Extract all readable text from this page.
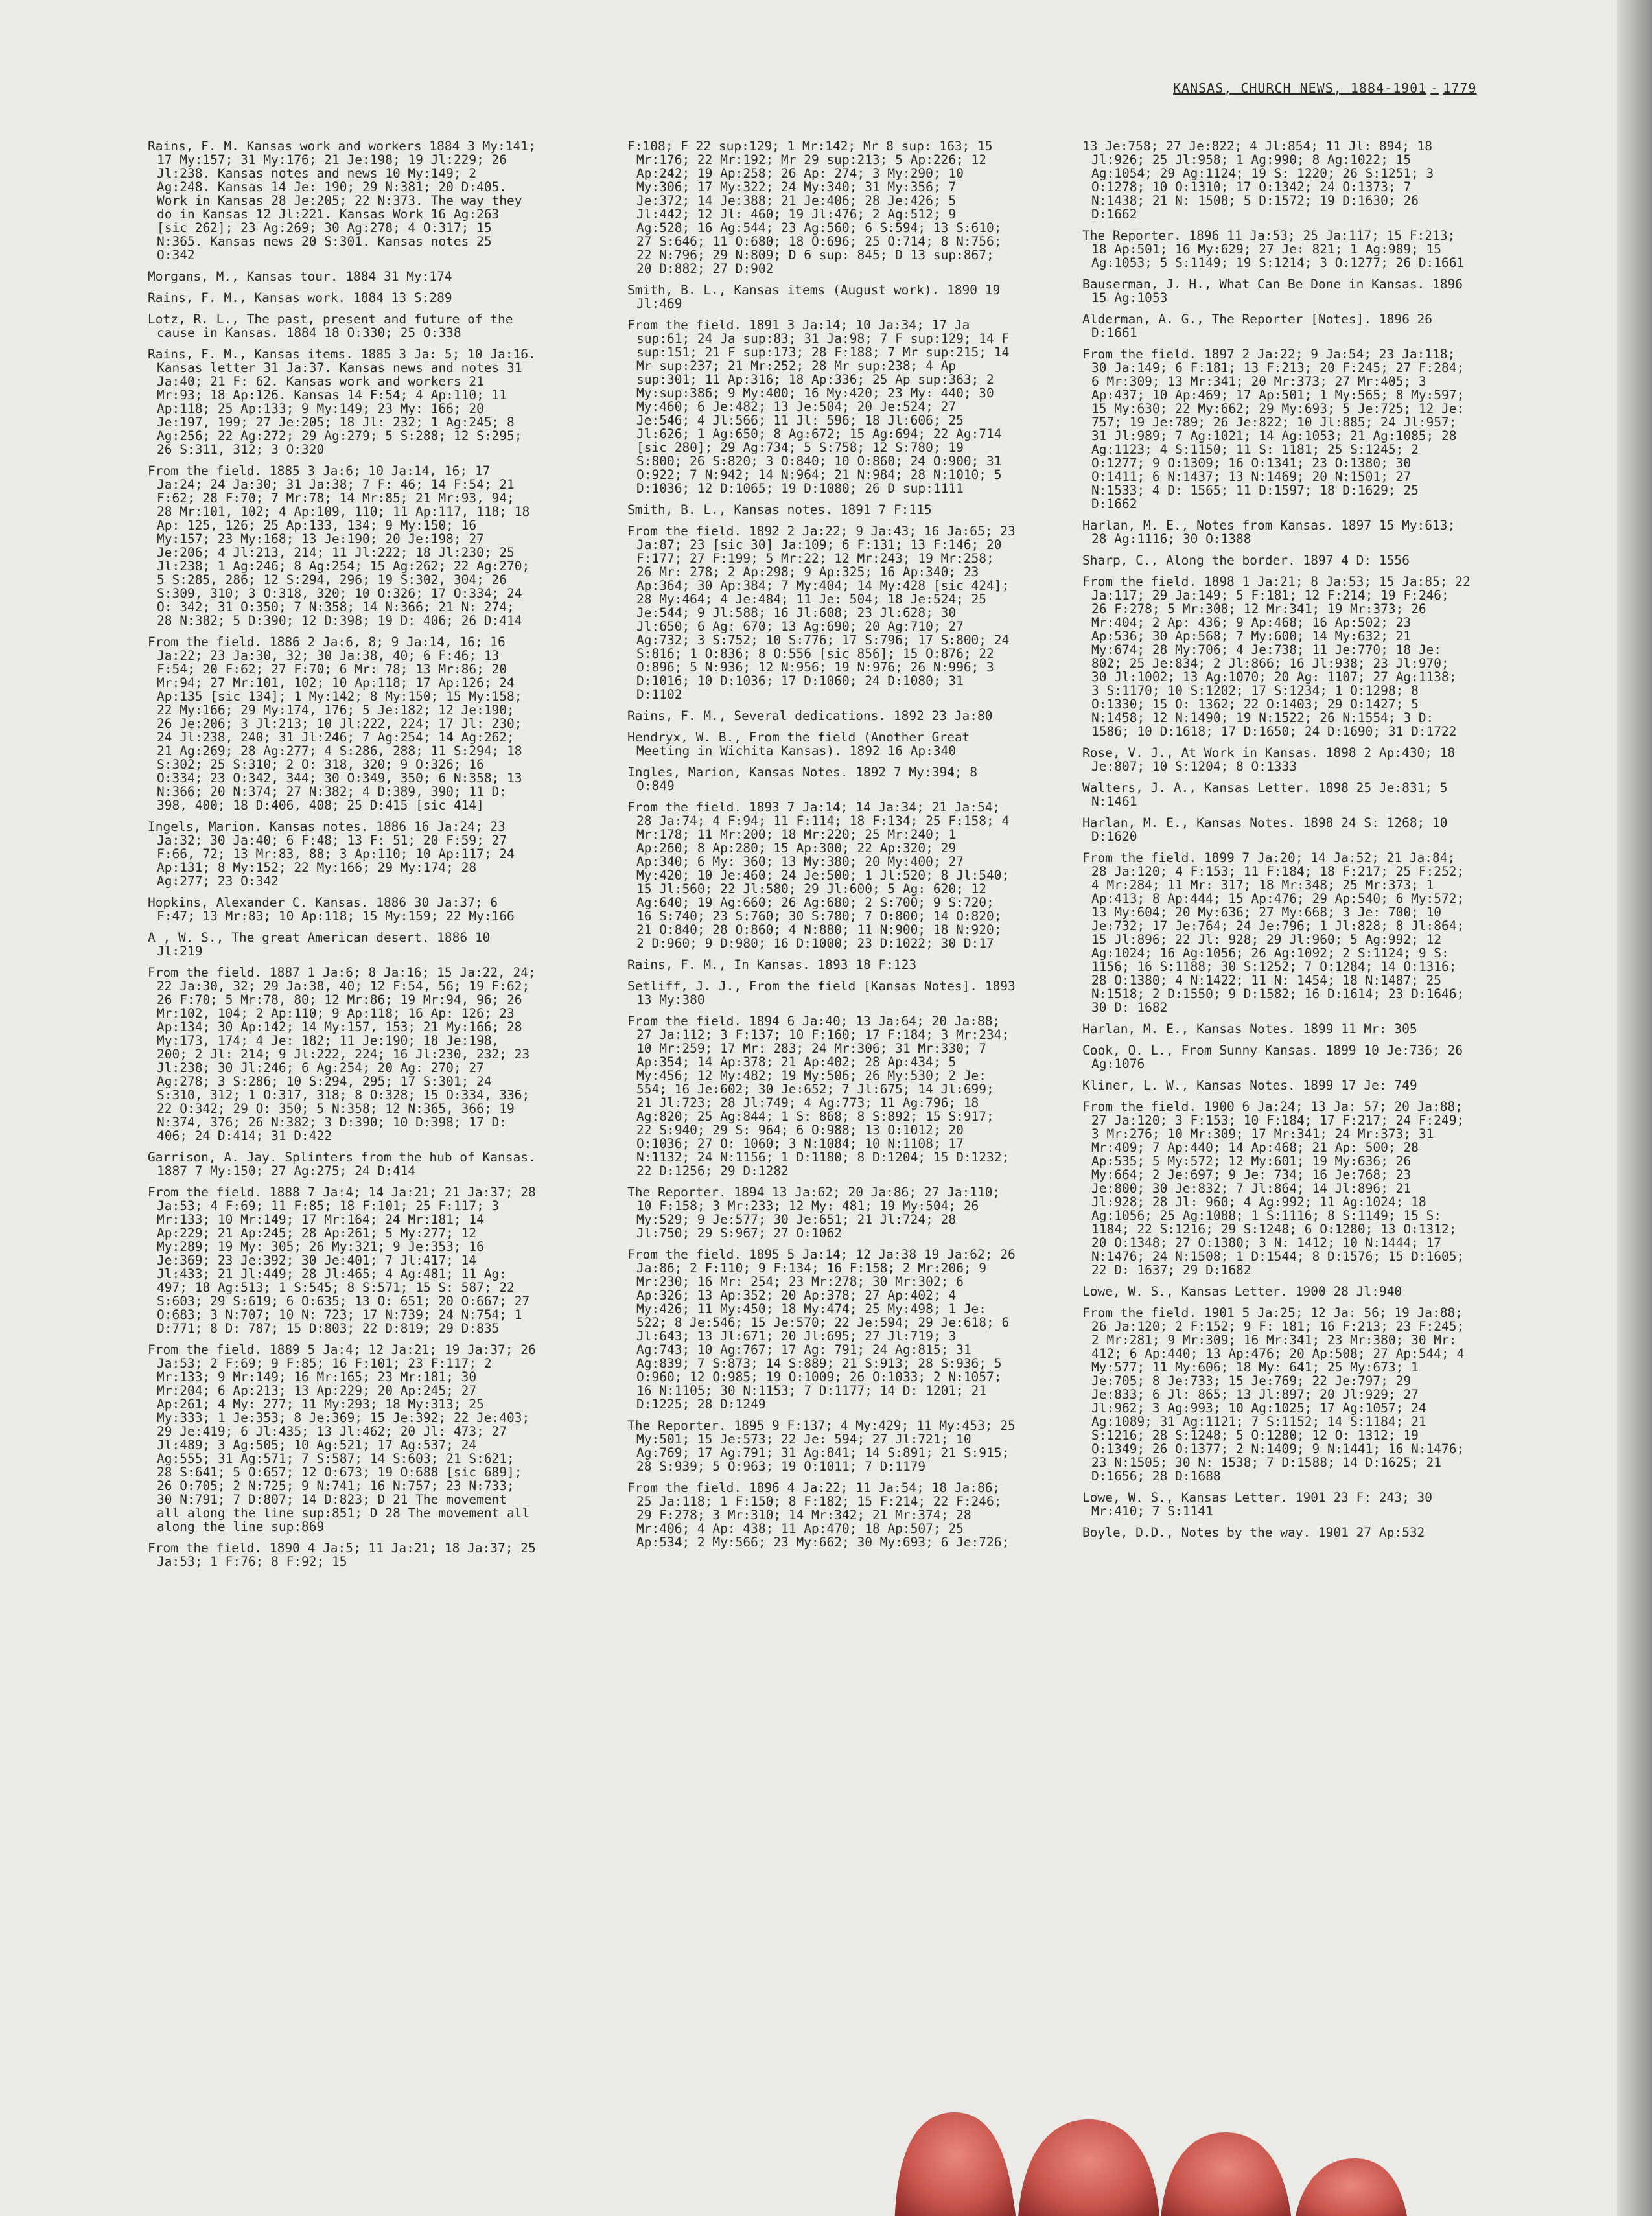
KANSAS, CHURCH NEWS, 1884-1901 - 1779

Rains, F. M. Kansas work and workers 1884 3 My:141; 17 My:157; 31 My:176; 21 Je:198; 19 Jl:229; 26 Jl:238. Kansas notes and news 10 My:149; 2 Ag:248. Kansas 14 Je: 190; 29 N:381; 20 D:405. Work in Kansas 28 Je:205; 22 N:373. The way they do in Kansas 12 Jl:221. Kansas Work 16 Ag:263 [sic 262]; 23 Ag:269; 30 Ag:278; 4 O:317; 15 N:365. Kansas news 20 S:301. Kansas notes 25 O:342

Morgans, M., Kansas tour. 1884 31 My:174

Rains, F. M., Kansas work. 1884 13 S:289

Lotz, R. L., The past, present and future of the cause in Kansas. 1884 18 O:330; 25 O:338

Rains, F. M., Kansas items. 1885 3 Ja: 5; 10 Ja:16. Kansas letter 31 Ja:37. Kansas news and notes 31 Ja:40; 21 F: 62. Kansas work and workers 21 Mr:93; 18 Ap:126. Kansas 14 F:54; 4 Ap:110; 11 Ap:118; 25 Ap:133; 9 My:149; 23 My: 166; 20 Je:197, 199; 27 Je:205; 18 Jl: 232; 1 Ag:245; 8 Ag:256; 22 Ag:272; 29 Ag:279; 5 S:288; 12 S:295; 26 S:311, 312; 3 O:320

From the field. 1885 3 Ja:6; 10 Ja:14, 16; 17 Ja:24; 24 Ja:30; 31 Ja:38; 7 F: 46; 14 F:54; 21 F:62; 28 F:70; 7 Mr:78; 14 Mr:85; 21 Mr:93, 94; 28 Mr:101, 102; 4 Ap:109, 110; 11 Ap:117, 118; 18 Ap: 125, 126; 25 Ap:133, 134; 9 My:150; 16 My:157; 23 My:168; 13 Je:190; 20 Je:198; 27 Je:206; 4 Jl:213, 214; 11 Jl:222; 18 Jl:230; 25 Jl:238; 1 Ag:246; 8 Ag:254; 15 Ag:262; 22 Ag:270; 5 S:285, 286; 12 S:294, 296; 19 S:302, 304; 26 S:309, 310; 3 O:318, 320; 10 O:326; 17 O:334; 24 O: 342; 31 O:350; 7 N:358; 14 N:366; 21 N: 274; 28 N:382; 5 D:390; 12 D:398; 19 D: 406; 26 D:414

From the field. 1886 2 Ja:6, 8; 9 Ja:14, 16; 16 Ja:22; 23 Ja:30, 32; 30 Ja:38, 40; 6 F:46; 13 F:54; 20 F:62; 27 F:70; 6 Mr: 78; 13 Mr:86; 20 Mr:94; 27 Mr:101, 102; 10 Ap:118; 17 Ap:126; 24 Ap:135 [sic 134]; 1 My:142; 8 My:150; 15 My:158; 22 My:166; 29 My:174, 176; 5 Je:182; 12 Je:190; 26 Je:206; 3 Jl:213; 10 Jl:222, 224; 17 Jl: 230; 24 Jl:238, 240; 31 Jl:246; 7 Ag:254; 14 Ag:262; 21 Ag:269; 28 Ag:277; 4 S:286, 288; 11 S:294; 18 S:302; 25 S:310; 2 O: 318, 320; 9 O:326; 16 O:334; 23 O:342, 344; 30 O:349, 350; 6 N:358; 13 N:366; 20 N:374; 27 N:382; 4 D:389, 390; 11 D: 398, 400; 18 D:406, 408; 25 D:415 [sic 414]

Ingels, Marion. Kansas notes. 1886 16 Ja:24; 23 Ja:32; 30 Ja:40; 6 F:48; 13 F: 51; 20 F:59; 27 F:66, 72; 13 Mr:83, 88; 3 Ap:110; 10 Ap:117; 24 Ap:131; 8 My:152; 22 My:166; 29 My:174; 28 Ag:277; 23 O:342

Hopkins, Alexander C. Kansas. 1886 30 Ja:37; 6 F:47; 13 Mr:83; 10 Ap:118; 15 My:159; 22 My:166

A , W. S., The great American desert. 1886 10 Jl:219

From the field. 1887 1 Ja:6; 8 Ja:16; 15 Ja:22, 24; 22 Ja:30, 32; 29 Ja:38, 40; 12 F:54, 56; 19 F:62; 26 F:70; 5 Mr:78, 80; 12 Mr:86; 19 Mr:94, 96; 26 Mr:102, 104; 2 Ap:110; 9 Ap:118; 16 Ap: 126; 23 Ap:134; 30 Ap:142; 14 My:157, 153; 21 My:166; 28 My:173, 174; 4 Je: 182; 11 Je:190; 18 Je:198, 200; 2 Jl: 214; 9 Jl:222, 224; 16 Jl:230, 232; 23 Jl:238; 30 Jl:246; 6 Ag:254; 20 Ag: 270; 27 Ag:278; 3 S:286; 10 S:294, 295; 17 S:301; 24 S:310, 312; 1 O:317, 318; 8 O:328; 15 O:334, 336; 22 O:342; 29 O: 350; 5 N:358; 12 N:365, 366; 19 N:374, 376; 26 N:382; 3 D:390; 10 D:398; 17 D: 406; 24 D:414; 31 D:422

Garrison, A. Jay. Splinters from the hub of Kansas. 1887 7 My:150; 27 Ag:275; 24 D:414

From the field. 1888 7 Ja:4; 14 Ja:21; 21 Ja:37; 28 Ja:53; 4 F:69; 11 F:85; 18 F:101; 25 F:117; 3 Mr:133; 10 Mr:149; 17 Mr:164; 24 Mr:181; 14 Ap:229; 21 Ap:245; 28 Ap:261; 5 My:277; 12 My:289; 19 My: 305; 26 My:321; 9 Je:353; 16 Je:369; 23 Je:392; 30 Je:401; 7 Jl:417; 14 Jl:433; 21 Jl:449; 28 Jl:465; 4 Ag:481; 11 Ag: 497; 18 Ag:513; 1 S:545; 8 S:571; 15 S: 587; 22 S:603; 29 S:619; 6 O:635; 13 O: 651; 20 O:667; 27 O:683; 3 N:707; 10 N: 723; 17 N:739; 24 N:754; 1 D:771; 8 D: 787; 15 D:803; 22 D:819; 29 D:835

From the field. 1889 5 Ja:4; 12 Ja:21; 19 Ja:37; 26 Ja:53; 2 F:69; 9 F:85; 16 F:101; 23 F:117; 2 Mr:133; 9 Mr:149; 16 Mr:165; 23 Mr:181; 30 Mr:204; 6 Ap:213; 13 Ap:229; 20 Ap:245; 27 Ap:261; 4 My: 277; 11 My:293; 18 My:313; 25 My:333; 1 Je:353; 8 Je:369; 15 Je:392; 22 Je:403; 29 Je:419; 6 Jl:435; 13 Jl:462; 20 Jl: 473; 27 Jl:489; 3 Ag:505; 10 Ag:521; 17 Ag:537; 24 Ag:555; 31 Ag:571; 7 S:587; 14 S:603; 21 S:621; 28 S:641; 5 O:657; 12 O:673; 19 O:688 [sic 689]; 26 O:705; 2 N:725; 9 N:741; 16 N:757; 23 N:733; 30 N:791; 7 D:807; 14 D:823; D 21 The movement all along the line sup:851; D 28 The movement all along the line sup:869

From the field. 1890 4 Ja:5; 11 Ja:21; 18 Ja:37; 25 Ja:53; 1 F:76; 8 F:92; 15

F:108; F 22 sup:129; 1 Mr:142; Mr 8 sup: 163; 15 Mr:176; 22 Mr:192; Mr 29 sup:213; 5 Ap:226; 12 Ap:242; 19 Ap:258; 26 Ap: 274; 3 My:290; 10 My:306; 17 My:322; 24 My:340; 31 My:356; 7 Je:372; 14 Je:388; 21 Je:406; 28 Je:426; 5 Jl:442; 12 Jl: 460; 19 Jl:476; 2 Ag:512; 9 Ag:528; 16 Ag:544; 23 Ag:560; 6 S:594; 13 S:610; 27 S:646; 11 O:680; 18 O:696; 25 O:714; 8 N:756; 22 N:796; 29 N:809; D 6 sup: 845; D 13 sup:867; 20 D:882; 27 D:902

Smith, B. L., Kansas items (August work). 1890 19 Jl:469

From the field. 1891 3 Ja:14; 10 Ja:34; 17 Ja sup:61; 24 Ja sup:83; 31 Ja:98; 7 F sup:129; 14 F sup:151; 21 F sup:173; 28 F:188; 7 Mr sup:215; 14 Mr sup:237; 21 Mr:252; 28 Mr sup:238; 4 Ap sup:301; 11 Ap:316; 18 Ap:336; 25 Ap sup:363; 2 My:sup:386; 9 My:400; 16 My:420; 23 My: 440; 30 My:460; 6 Je:482; 13 Je:504; 20 Je:524; 27 Je:546; 4 Jl:566; 11 Jl: 596; 18 Jl:606; 25 Jl:626; 1 Ag:650; 8 Ag:672; 15 Ag:694; 22 Ag:714 [sic 280]; 29 Ag:734; 5 S:758; 12 S:780; 19 S:800; 26 S:820; 3 O:840; 10 O:860; 24 O:900; 31 O:922; 7 N:942; 14 N:964; 21 N:984; 28 N:1010; 5 D:1036; 12 D:1065; 19 D:1080; 26 D sup:1111

Smith, B. L., Kansas notes. 1891 7 F:115

From the field. 1892 2 Ja:22; 9 Ja:43; 16 Ja:65; 23 Ja:87; 23 [sic 30] Ja:109; 6 F:131; 13 F:146; 20 F:177; 27 F:199; 5 Mr:22; 12 Mr:243; 19 Mr:258; 26 Mr: 278; 2 Ap:298; 9 Ap:325; 16 Ap:340; 23 Ap:364; 30 Ap:384; 7 My:404; 14 My:428 [sic 424]; 28 My:464; 4 Je:484; 11 Je: 504; 18 Je:524; 25 Je:544; 9 Jl:588; 16 Jl:608; 23 Jl:628; 30 Jl:650; 6 Ag: 670; 13 Ag:690; 20 Ag:710; 27 Ag:732; 3 S:752; 10 S:776; 17 S:796; 17 S:800; 24 S:816; 1 O:836; 8 O:556 [sic 856]; 15 O:876; 22 O:896; 5 N:936; 12 N:956; 19 N:976; 26 N:996; 3 D:1016; 10 D:1036; 17 D:1060; 24 D:1080; 31 D:1102

Rains, F. M., Several dedications. 1892 23 Ja:80

Hendryx, W. B., From the field (Another Great Meeting in Wichita Kansas). 1892 16 Ap:340

Ingles, Marion, Kansas Notes. 1892 7 My:394; 8 O:849

From the field. 1893 7 Ja:14; 14 Ja:34; 21 Ja:54; 28 Ja:74; 4 F:94; 11 F:114; 18 F:134; 25 F:158; 4 Mr:178; 11 Mr:200; 18 Mr:220; 25 Mr:240; 1 Ap:260; 8 Ap:280; 15 Ap:300; 22 Ap:320; 29 Ap:340; 6 My: 360; 13 My:380; 20 My:400; 27 My:420; 10 Je:460; 24 Je:500; 1 Jl:520; 8 Jl:540; 15 Jl:560; 22 Jl:580; 29 Jl:600; 5 Ag: 620; 12 Ag:640; 19 Ag:660; 26 Ag:680; 2 S:700; 9 S:720; 16 S:740; 23 S:760; 30 S:780; 7 O:800; 14 O:820; 21 O:840; 28 O:860; 4 N:880; 11 N:900; 18 N:920; 2 D:960; 9 D:980; 16 D:1000; 23 D:1022; 30 D:17

Rains, F. M., In Kansas. 1893 18 F:123

Setliff, J. J., From the field [Kansas Notes]. 1893 13 My:380

From the field. 1894 6 Ja:40; 13 Ja:64; 20 Ja:88; 27 Ja:112; 3 F:137; 10 F:160; 17 F:184; 3 Mr:234; 10 Mr:259; 17 Mr: 283; 24 Mr:306; 31 Mr:330; 7 Ap:354; 14 Ap:378; 21 Ap:402; 28 Ap:434; 5 My:456; 12 My:482; 19 My:506; 26 My:530; 2 Je: 554; 16 Je:602; 30 Je:652; 7 Jl:675; 14 Jl:699; 21 Jl:723; 28 Jl:749; 4 Ag:773; 11 Ag:796; 18 Ag:820; 25 Ag:844; 1 S: 868; 8 S:892; 15 S:917; 22 S:940; 29 S: 964; 6 O:988; 13 O:1012; 20 O:1036; 27 O: 1060; 3 N:1084; 10 N:1108; 17 N:1132; 24 N:1156; 1 D:1180; 8 D:1204; 15 D:1232; 22 D:1256; 29 D:1282

The Reporter. 1894 13 Ja:62; 20 Ja:86; 27 Ja:110; 10 F:158; 3 Mr:233; 12 My: 481; 19 My:504; 26 My:529; 9 Je:577; 30 Je:651; 21 Jl:724; 28 Jl:750; 29 S:967; 27 O:1062

From the field. 1895 5 Ja:14; 12 Ja:38 19 Ja:62; 26 Ja:86; 2 F:110; 9 F:134; 16 F:158; 2 Mr:206; 9 Mr:230; 16 Mr: 254; 23 Mr:278; 30 Mr:302; 6 Ap:326; 13 Ap:352; 20 Ap:378; 27 Ap:402; 4 My:426; 11 My:450; 18 My:474; 25 My:498; 1 Je: 522; 8 Je:546; 15 Je:570; 22 Je:594; 29 Je:618; 6 Jl:643; 13 Jl:671; 20 Jl:695; 27 Jl:719; 3 Ag:743; 10 Ag:767; 17 Ag: 791; 24 Ag:815; 31 Ag:839; 7 S:873; 14 S:889; 21 S:913; 28 S:936; 5 O:960; 12 O:985; 19 O:1009; 26 O:1033; 2 N:1057; 16 N:1105; 30 N:1153; 7 D:1177; 14 D: 1201; 21 D:1225; 28 D:1249

The Reporter. 1895 9 F:137; 4 My:429; 11 My:453; 25 My:501; 15 Je:573; 22 Je: 594; 27 Jl:721; 10 Ag:769; 17 Ag:791; 31 Ag:841; 14 S:891; 21 S:915; 28 S:939; 5 O:963; 19 O:1011; 7 D:1179

From the field. 1896 4 Ja:22; 11 Ja:54; 18 Ja:86; 25 Ja:118; 1 F:150; 8 F:182; 15 F:214; 22 F:246; 29 F:278; 3 Mr:310; 14 Mr:342; 21 Mr:374; 28 Mr:406; 4 Ap: 438; 11 Ap:470; 18 Ap:507; 25 Ap:534; 2 My:566; 23 My:662; 30 My:693; 6 Je:726;

13 Je:758; 27 Je:822; 4 Jl:854; 11 Jl: 894; 18 Jl:926; 25 Jl:958; 1 Ag:990; 8 Ag:1022; 15 Ag:1054; 29 Ag:1124; 19 S: 1220; 26 S:1251; 3 O:1278; 10 O:1310; 17 O:1342; 24 O:1373; 7 N:1438; 21 N: 1508; 5 D:1572; 19 D:1630; 26 D:1662

The Reporter. 1896 11 Ja:53; 25 Ja:117; 15 F:213; 18 Ap:501; 16 My:629; 27 Je: 821; 1 Ag:989; 15 Ag:1053; 5 S:1149; 19 S:1214; 3 O:1277; 26 D:1661

Bauserman, J. H., What Can Be Done in Kansas. 1896 15 Ag:1053

Alderman, A. G., The Reporter [Notes]. 1896 26 D:1661

From the field. 1897 2 Ja:22; 9 Ja:54; 23 Ja:118; 30 Ja:149; 6 F:181; 13 F:213; 20 F:245; 27 F:284; 6 Mr:309; 13 Mr:341; 20 Mr:373; 27 Mr:405; 3 Ap:437; 10 Ap:469; 17 Ap:501; 1 My:565; 8 My:597; 15 My:630; 22 My:662; 29 My:693; 5 Je:725; 12 Je: 757; 19 Je:789; 26 Je:822; 10 Jl:885; 24 Jl:957; 31 Jl:989; 7 Ag:1021; 14 Ag:1053; 21 Ag:1085; 28 Ag:1123; 4 S:1150; 11 S: 1181; 25 S:1245; 2 O:1277; 9 O:1309; 16 O:1341; 23 O:1380; 30 O:1411; 6 N:1437; 13 N:1469; 20 N:1501; 27 N:1533; 4 D: 1565; 11 D:1597; 18 D:1629; 25 D:1662

Harlan, M. E., Notes from Kansas. 1897 15 My:613; 28 Ag:1116; 30 O:1388

Sharp, C., Along the border. 1897 4 D: 1556

From the field. 1898 1 Ja:21; 8 Ja:53; 15 Ja:85; 22 Ja:117; 29 Ja:149; 5 F:181; 12 F:214; 19 F:246; 26 F:278; 5 Mr:308; 12 Mr:341; 19 Mr:373; 26 Mr:404; 2 Ap: 436; 9 Ap:468; 16 Ap:502; 23 Ap:536; 30 Ap:568; 7 My:600; 14 My:632; 21 My:674; 28 My:706; 4 Je:738; 11 Je:770; 18 Je: 802; 25 Je:834; 2 Jl:866; 16 Jl:938; 23 Jl:970; 30 Jl:1002; 13 Ag:1070; 20 Ag: 1107; 27 Ag:1138; 3 S:1170; 10 S:1202; 17 S:1234; 1 O:1298; 8 O:1330; 15 O: 1362; 22 O:1403; 29 O:1427; 5 N:1458; 12 N:1490; 19 N:1522; 26 N:1554; 3 D: 1586; 10 D:1618; 17 D:1650; 24 D:1690; 31 D:1722

Rose, V. J., At Work in Kansas. 1898 2 Ap:430; 18 Je:807; 10 S:1204; 8 O:1333

Walters, J. A., Kansas Letter. 1898 25 Je:831; 5 N:1461

Harlan, M. E., Kansas Notes. 1898 24 S: 1268; 10 D:1620

From the field. 1899 7 Ja:20; 14 Ja:52; 21 Ja:84; 28 Ja:120; 4 F:153; 11 F:184; 18 F:217; 25 F:252; 4 Mr:284; 11 Mr: 317; 18 Mr:348; 25 Mr:373; 1 Ap:413; 8 Ap:444; 15 Ap:476; 29 Ap:540; 6 My:572; 13 My:604; 20 My:636; 27 My:668; 3 Je: 700; 10 Je:732; 17 Je:764; 24 Je:796; 1 Jl:828; 8 Jl:864; 15 Jl:896; 22 Jl: 928; 29 Jl:960; 5 Ag:992; 12 Ag:1024; 16 Ag:1056; 26 Ag:1092; 2 S:1124; 9 S: 1156; 16 S:1188; 30 S:1252; 7 O:1284; 14 O:1316; 28 O:1380; 4 N:1422; 11 N: 1454; 18 N:1487; 25 N:1518; 2 D:1550; 9 D:1582; 16 D:1614; 23 D:1646; 30 D: 1682

Harlan, M. E., Kansas Notes. 1899 11 Mr: 305

Cook, O. L., From Sunny Kansas. 1899 10 Je:736; 26 Ag:1076

Kliner, L. W., Kansas Notes. 1899 17 Je: 749

From the field. 1900 6 Ja:24; 13 Ja: 57; 20 Ja:88; 27 Ja:120; 3 F:153; 10 F:184; 17 F:217; 24 F:249; 3 Mr:276; 10 Mr:309; 17 Mr:341; 24 Mr:373; 31 Mr:409; 7 Ap:440; 14 Ap:468; 21 Ap: 500; 28 Ap:535; 5 My:572; 12 My:601; 19 My:636; 26 My:664; 2 Je:697; 9 Je: 734; 16 Je:768; 23 Je:800; 30 Je:832; 7 Jl:864; 14 Jl:896; 21 Jl:928; 28 Jl: 960; 4 Ag:992; 11 Ag:1024; 18 Ag:1056; 25 Ag:1088; 1 S:1116; 8 S:1149; 15 S: 1184; 22 S:1216; 29 S:1248; 6 O:1280; 13 O:1312; 20 O:1348; 27 O:1380; 3 N: 1412; 10 N:1444; 17 N:1476; 24 N:1508; 1 D:1544; 8 D:1576; 15 D:1605; 22 D: 1637; 29 D:1682

Lowe, W. S., Kansas Letter. 1900 28 Jl:940

From the field. 1901 5 Ja:25; 12 Ja: 56; 19 Ja:88; 26 Ja:120; 2 F:152; 9 F: 181; 16 F:213; 23 F:245; 2 Mr:281; 9 Mr:309; 16 Mr:341; 23 Mr:380; 30 Mr: 412; 6 Ap:440; 13 Ap:476; 20 Ap:508; 27 Ap:544; 4 My:577; 11 My:606; 18 My: 641; 25 My:673; 1 Je:705; 8 Je:733; 15 Je:769; 22 Je:797; 29 Je:833; 6 Jl: 865; 13 Jl:897; 20 Jl:929; 27 Jl:962; 3 Ag:993; 10 Ag:1025; 17 Ag:1057; 24 Ag:1089; 31 Ag:1121; 7 S:1152; 14 S:1184; 21 S:1216; 28 S:1248; 5 O:1280; 12 O: 1312; 19 O:1349; 26 O:1377; 2 N:1409; 9 N:1441; 16 N:1476; 23 N:1505; 30 N: 1538; 7 D:1588; 14 D:1625; 21 D:1656; 28 D:1688

Lowe, W. S., Kansas Letter. 1901 23 F: 243; 30 Mr:410; 7 S:1141

Boyle, D.D., Notes by the way. 1901 27 Ap:532
